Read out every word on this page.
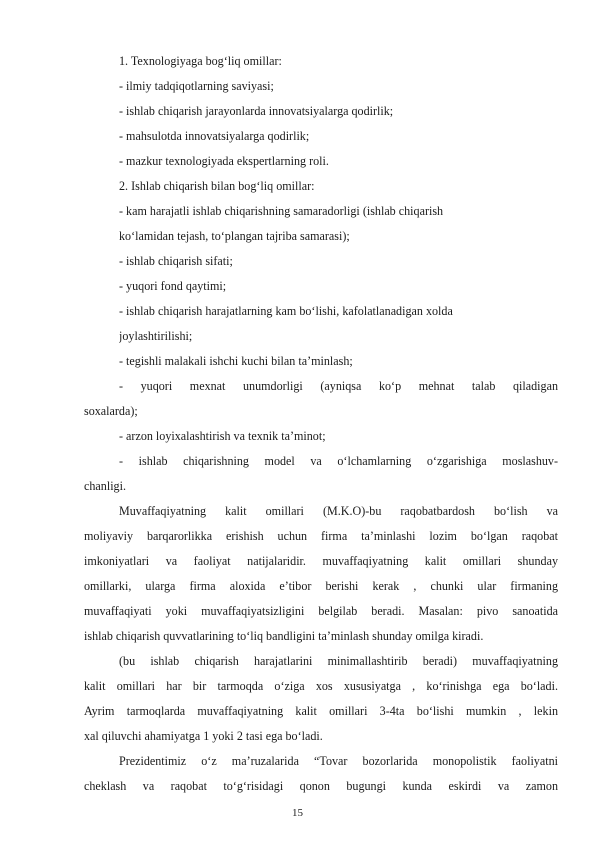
1. Texnologiyaga bog‘liq omillar:
- ilmiy tadqiqotlarning saviyasi;
- ishlab chiqarish jarayonlarda innovatsiyalarga qodirlik;
- mahsulotda innovatsiyalarga qodirlik;
- mazkur texnologiyada ekspertlarning roli.
2. Ishlab chiqarish bilan bog‘liq omillar:
- kam harajatli ishlab chiqarishning samaradorligi (ishlab chiqarish
ko‘lamidan tejash, to‘plangan tajriba samarasi);
- ishlab chiqarish sifati;
- yuqori fond qaytimi;
- ishlab chiqarish harajatlarning kam bo‘lishi, kafolatlanadigan xolda
joylashtirilishi;
- tegishli malakali ishchi kuchi bilan ta’minlash;
- yuqori mexnat unumdorligi (ayniqsa ko‘p mehnat talab qiladigan
soxalarda);
- arzon loyixalashtirish va texnik ta’minot;
- ishlab chiqarishning model va o‘lchamlarning o‘zgarishiga moslashuv-
chanligi.
Muvaffaqiyatning kalit omillari (M.K.O)-bu raqobatbardosh bo‘lish va
moliyaviy barqarorlikka erishish uchun firma ta’minlashi lozim bo‘lgan raqobat
imkoniyatlari va faoliyat natijalaridir. muvaffaqiyatning kalit omillari shunday
omillarki, ularga firma aloxida e’tibor berishi kerak , chunki ular firmaning
muvaffaqiyati yoki muvaffaqiyatsizligini belgilab beradi. Masalan: pivo sanoatida
ishlab chiqarish quvvatlarining to‘liq bandligini ta’minlash shunday omilga kiradi.
(bu ishlab chiqarish harajatlarini minimallashtirib beradi) muvaffaqiyatning
kalit omillari har bir tarmoqda o‘ziga xos xususiyatga , ko‘rinishga ega bo‘ladi.
Ayrim tarmoqlarda muvaffaqiyatning kalit omillari 3-4ta bo‘lishi mumkin , lekin
xal qiluvchi ahamiyatga 1 yoki 2 tasi ega bo‘ladi.
Prezidentimiz o‘z ma’ruzalarida “Tovar bozorlarida monopolistik faoliyatni
cheklash va raqobat to‘g‘risidagi qonon bugungi kunda eskirdi va zamon
15
